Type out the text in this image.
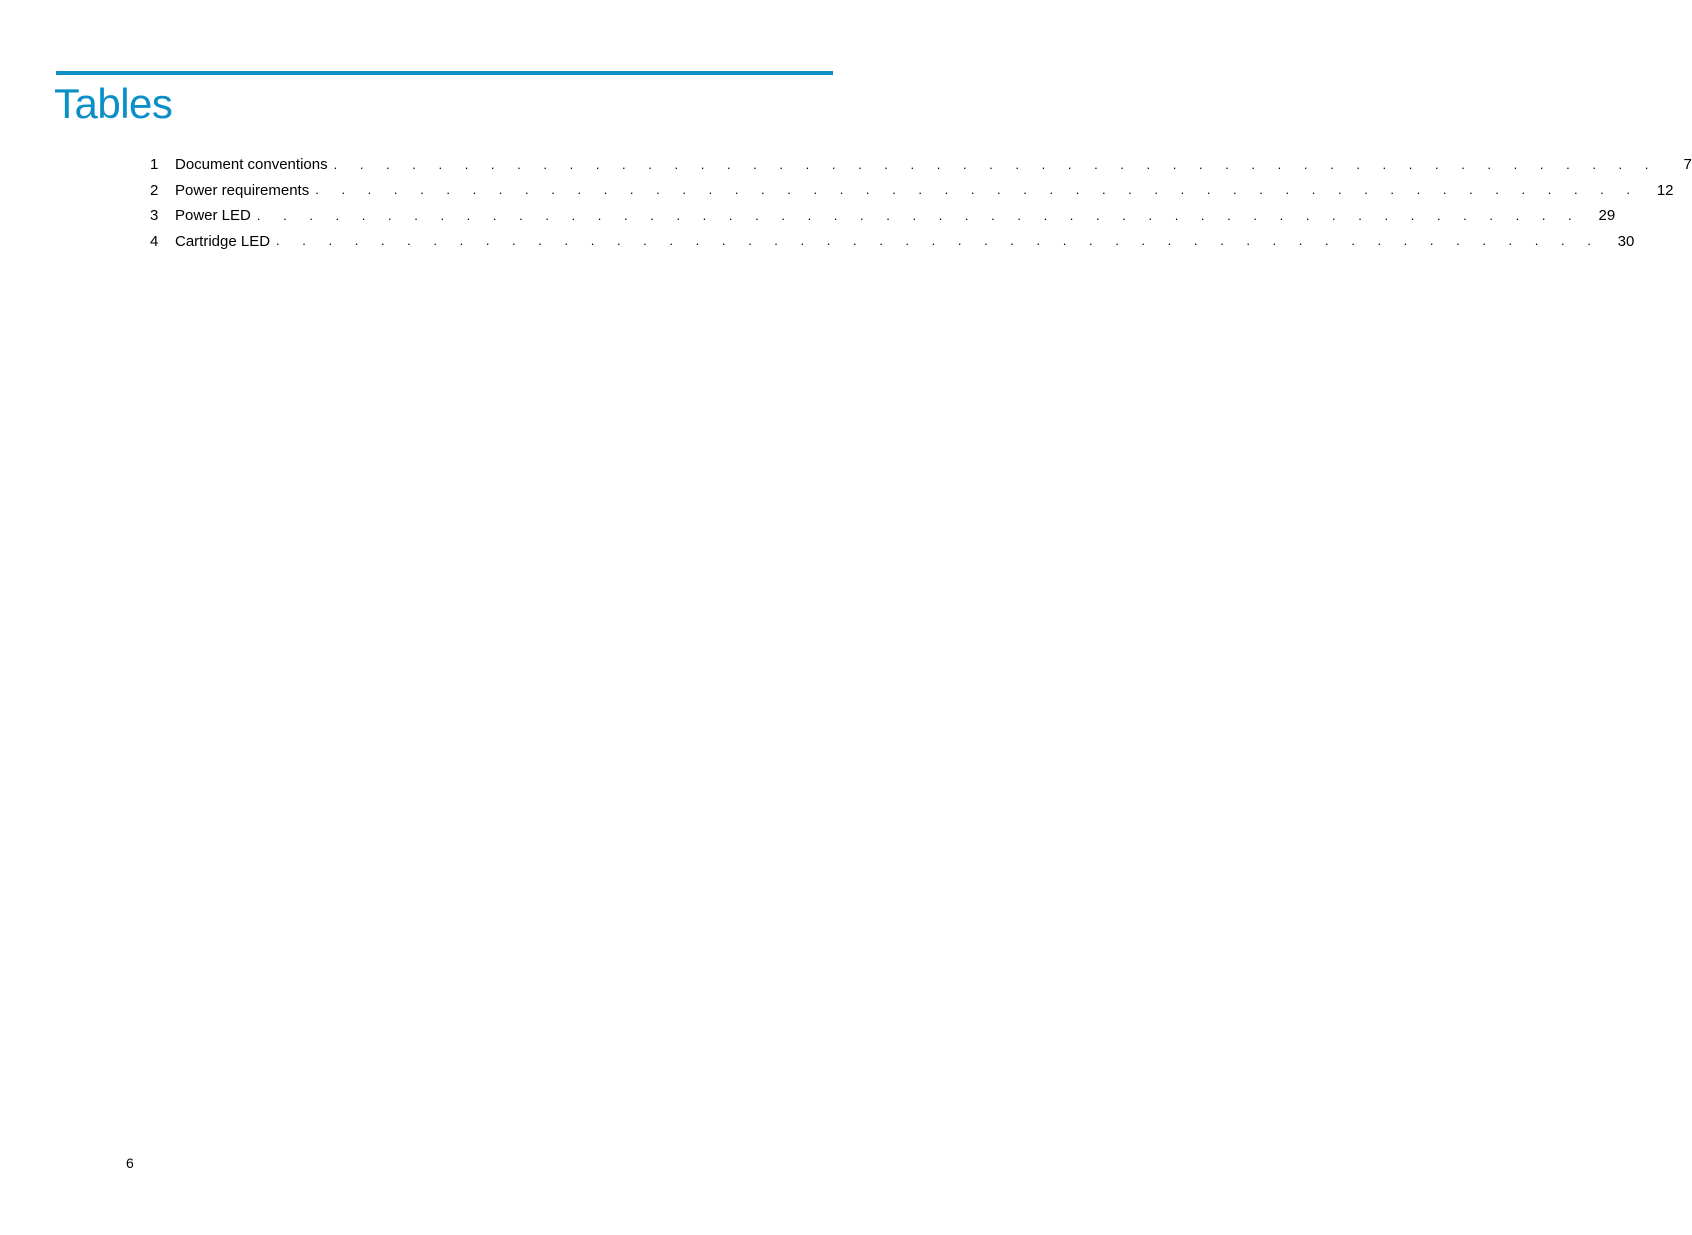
Tables
1	Document conventions . . . . . . . . . . . . . . . . . . . . . . . . . . . . . . . . . . . . . . . . . . . . . . . . . . .	7
2	Power requirements . . . . . . . . . . . . . . . . . . . . . . . . . . . . . . . . . . . . . . . . . . . . . . . . . . .	12
3	Power LED . . . . . . . . . . . . . . . . . . . . . . . . . . . . . . . . . . . . . . . . . . . . . . . . . . .	29
4	Cartridge LED . . . . . . . . . . . . . . . . . . . . . . . . . . . . . . . . . . . . . . . . . . . . . . . . . . .	30
6
